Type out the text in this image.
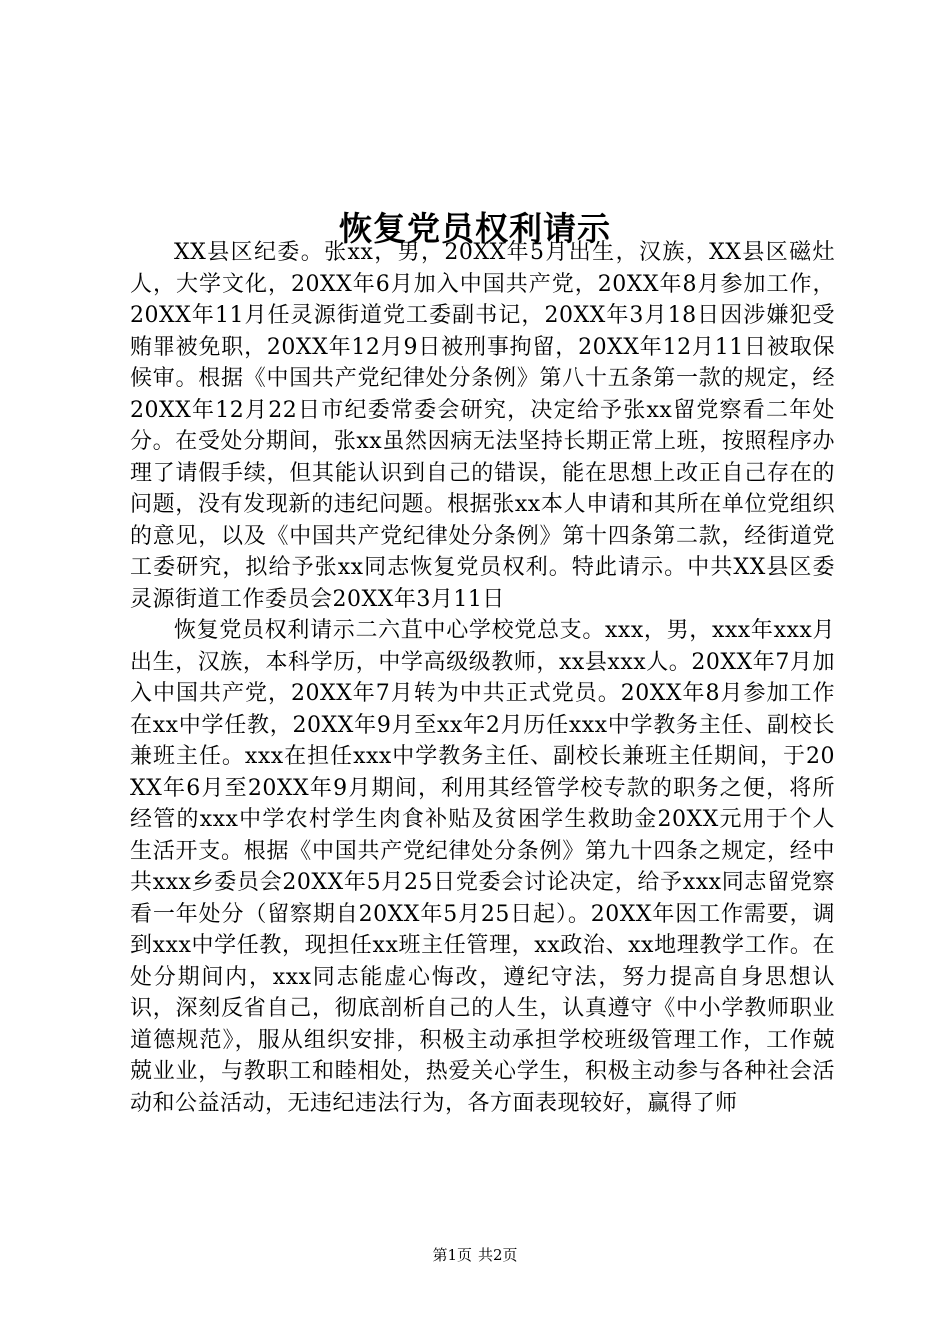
恢复党员权利请示

XX县区纪委。张xx，男，20XX年5月出生，汉族，XX县区磁灶人，大学文化，20XX年6月加入中国共产党，20XX年8月参加工作，20XX年11月任灵源街道党工委副书记，20XX年3月18日因涉嫌犯受贿罪被免职，20XX年12月9日被刑事拘留，20XX年12月11日被取保候审。根据《中国共产党纪律处分条例》第八十五条第一款的规定，经20XX年12月22日市纪委常委会研究，决定给予张xx留党察看二年处分。在受处分期间，张xx虽然因病无法坚持长期正常上班，按照程序办理了请假手续，但其能认识到自己的错误，能在思想上改正自己存在的问题，没有发现新的违纪问题。根据张xx本人申请和其所在单位党组织的意见，以及《中国共产党纪律处分条例》第十四条第二款，经街道党工委研究，拟给予张xx同志恢复党员权利。特此请示。中共XX县区委灵源街道工作委员会20XX年3月11日

恢复党员权利请示二六苴中心学校党总支。xxx，男，xxx年xxx月出生，汉族，本科学历，中学高级级教师，xx县xxx人。20XX年7月加入中国共产党，20XX年7月转为中共正式党员。20XX年8月参加工作在xx中学任教，20XX年9月至xx年2月历任xxx中学教务主任、副校长兼班主任。xxx在担任xxx中学教务主任、副校长兼班主任期间，于20XX年6月至20XX年9月期间，利用其经管学校专款的职务之便，将所经管的xxx中学农村学生肉食补贴及贫困学生救助金20XX元用于个人生活开支。根据《中国共产党纪律处分条例》第九十四条之规定，经中共xxx乡委员会20XX年5月25日党委会讨论决定，给予xxx同志留党察看一年处分（留察期自20XX年5月25日起）。20XX年因工作需要，调到xxx中学任教，现担任xx班主任管理，xx政治、xx地理教学工作。在处分期间内，xxx同志能虚心悔改，遵纪守法，努力提高自身思想认识，深刻反省自己，彻底剖析自己的人生，认真遵守《中小学教师职业道德规范》，服从组织安排，积极主动承担学校班级管理工作，工作兢兢业业，与教职工和睦相处，热爱关心学生，积极主动参与各种社会活动和公益活动，无违纪违法行为，各方面表现较好，赢得了师

第1页 共2页
